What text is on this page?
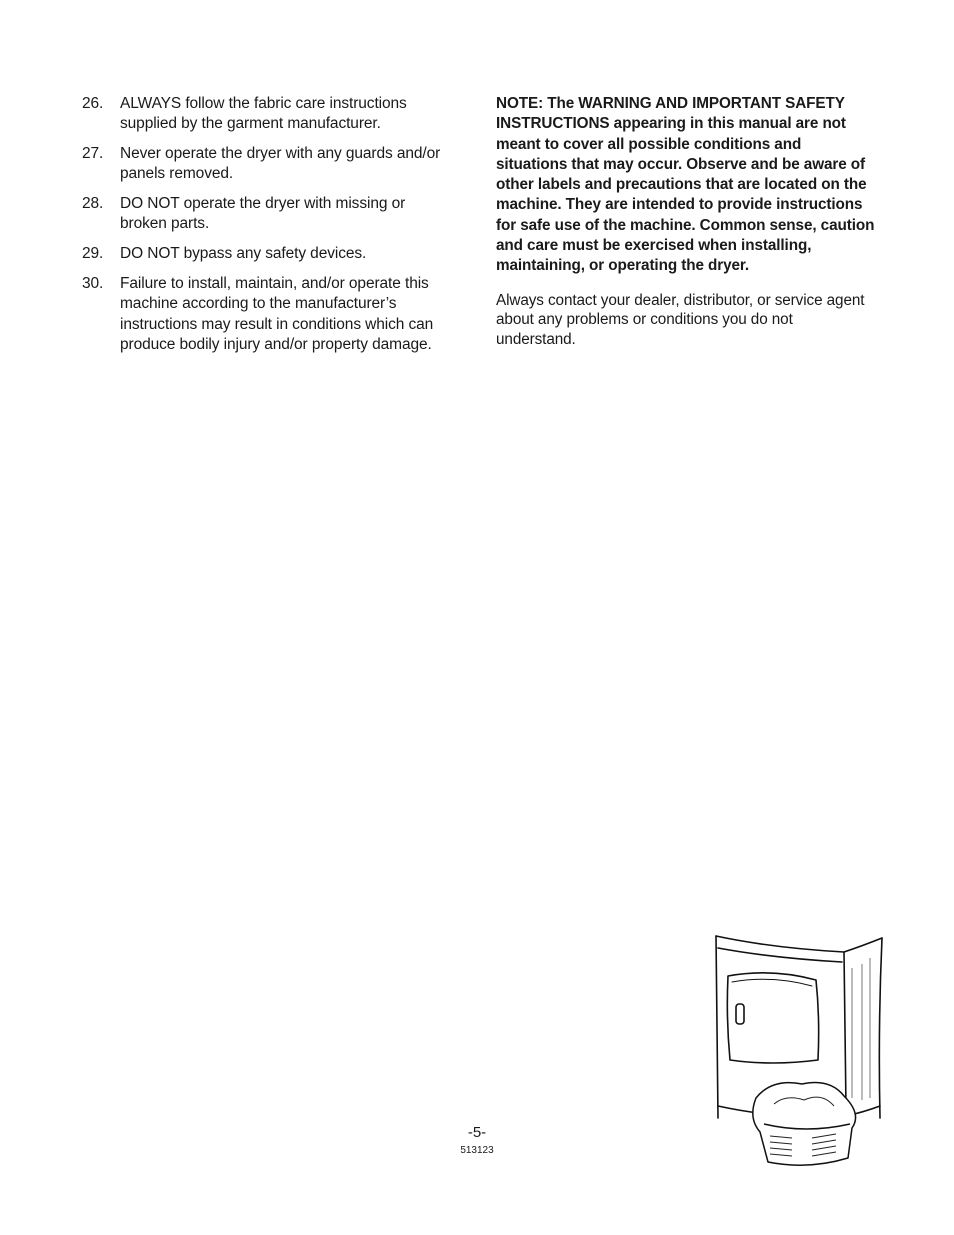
26.	ALWAYS follow the fabric care instructions supplied by the garment manufacturer.
27.	Never operate the dryer with any guards and/or panels removed.
28.	DO NOT operate the dryer with missing or broken parts.
29.	DO NOT bypass any safety devices.
30.	Failure to install, maintain, and/or operate this machine according to the manufacturer’s instructions may result in conditions which can produce bodily injury and/or property damage.

NOTE: The WARNING AND IMPORTANT SAFETY INSTRUCTIONS appearing in this manual are not meant to cover all possible conditions and situations that may occur. Observe and be aware of other labels and precautions that are located on the machine. They are intended to provide instructions for safe use of the machine. Common sense, caution and care must be exercised when installing, maintaining, or operating the dryer.

Always contact your dealer, distributor, or service agent about any problems or conditions you do not understand.

-5-
513123
